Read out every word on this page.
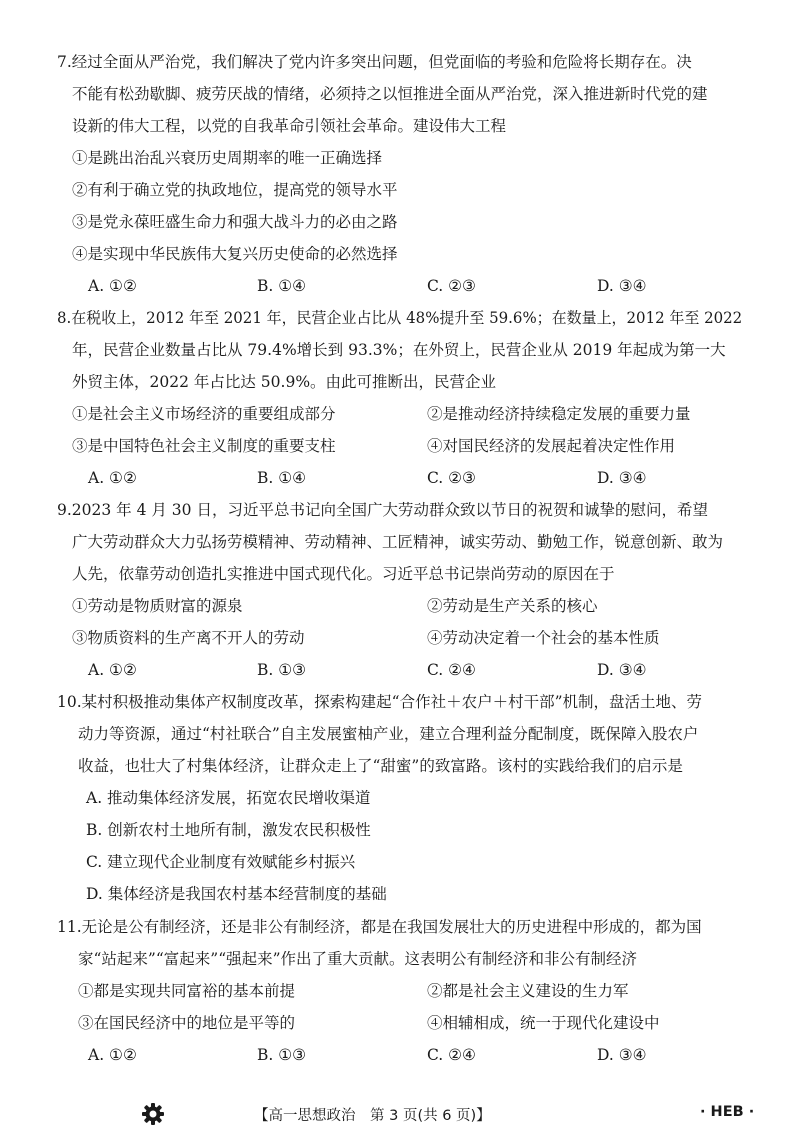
7.经过全面从严治党，我们解决了党内许多突出问题，但党面临的考验和危险将长期存在。决
不能有松劲歇脚、疲劳厌战的情绪，必须持之以恒推进全面从严治党，深入推进新时代党的建
设新的伟大工程，以党的自我革命引领社会革命。建设伟大工程
①是跳出治乱兴衰历史周期率的唯一正确选择
②有利于确立党的执政地位，提高党的领导水平
③是党永葆旺盛生命力和强大战斗力的必由之路
④是实现中华民族伟大复兴历史使命的必然选择
A. ①②	B. ①④	C. ②③	D. ③④
8.在税收上，2012 年至 2021 年，民营企业占比从 48%提升至 59.6%；在数量上，2012 年至 2022
年，民营企业数量占比从 79.4%增长到 93.3%；在外贸上，民营企业从 2019 年起成为第一大
外贸主体，2022 年占比达 50.9%。由此可推断出，民营企业
①是社会主义市场经济的重要组成部分	②是推动经济持续稳定发展的重要力量
③是中国特色社会主义制度的重要支柱	④对国民经济的发展起着决定性作用
A. ①②	B. ①④	C. ②③	D. ③④
9.2023 年 4 月 30 日，习近平总书记向全国广大劳动群众致以节日的祝贺和诚挚的慰问，希望
广大劳动群众大力弘扬劳模精神、劳动精神、工匠精神，诚实劳动、勤勉工作，锐意创新、敢为
人先，依靠劳动创造扎实推进中国式现代化。习近平总书记崇尚劳动的原因在于
①劳动是物质财富的源泉	②劳动是生产关系的核心
③物质资料的生产离不开人的劳动	④劳动决定着一个社会的基本性质
A. ①②	B. ①③	C. ②④	D. ③④
10.某村积极推动集体产权制度改革，探索构建起“合作社＋农户＋村干部”机制，盘活土地、劳
动力等资源，通过“村社联合”自主发展蜜柚产业，建立合理利益分配制度，既保障入股农户
收益，也壮大了村集体经济，让群众走上了“甜蜜”的致富路。该村的实践给我们的启示是
A. 推动集体经济发展，拓宽农民增收渠道
B. 创新农村土地所有制，激发农民积极性
C. 建立现代企业制度有效赋能乡村振兴
D. 集体经济是我国农村基本经营制度的基础
11.无论是公有制经济，还是非公有制经济，都是在我国发展壮大的历史进程中形成的，都为国
家“站起来”“富起来”“强起来”作出了重大贡献。这表明公有制经济和非公有制经济
①都是实现共同富裕的基本前提	②都是社会主义建设的生力军
③在国民经济中的地位是平等的	④相辅相成，统一于现代化建设中
A. ①②	B. ①③	C. ②④	D. ③④
【高一思想政治　第 3 页(共 6 页)】	· HEB ·
